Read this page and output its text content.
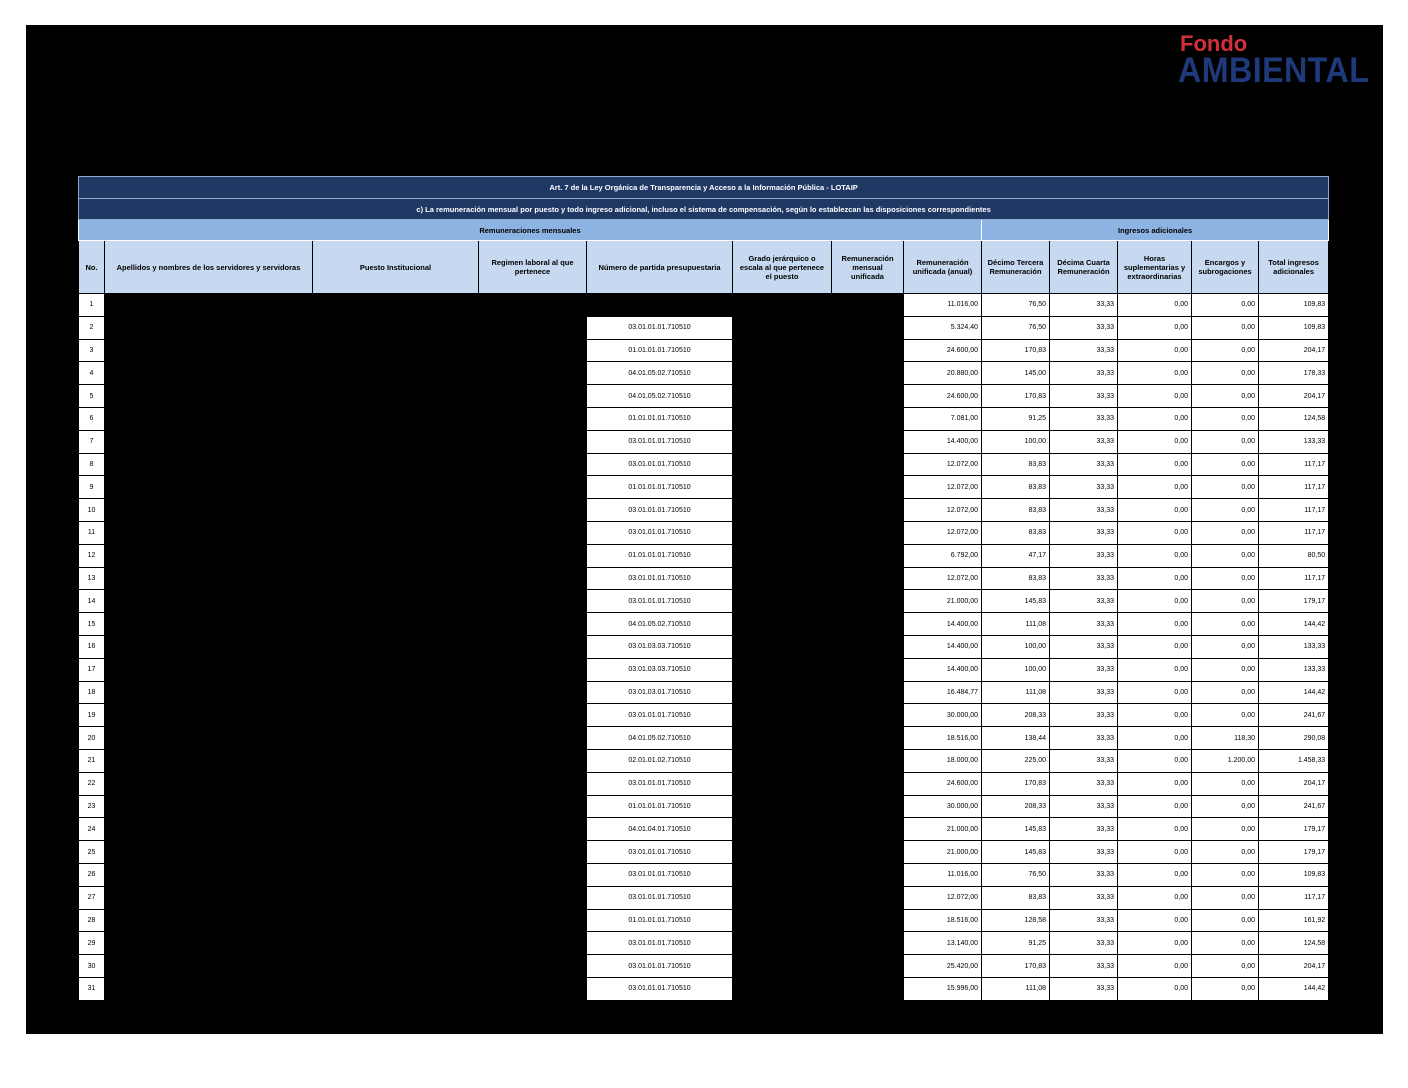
Fondo
AMBIENTAL
Art. 7 de la Ley Orgánica de Transparencia y Acceso a la Información Pública - LOTAIP												
c) La remuneración mensual por puesto y todo ingreso adicional, incluso el sistema de compensación, según lo establezcan las disposiciones correspondientes												
Remuneraciones mensuales								Ingresos adicionales				
No.	Apellidos y nombres de los servidores y servidoras	Puesto Institucional	Regimen laboral al que pertenece	Número de partida presupuestaria	Grado jerárquico o escala al que pertenece el puesto	Remuneración mensual unificada	Remuneración unificada (anual)	Décimo Tercera Remuneración	Décima Cuarta Remuneración	Horas suplementarias y extraordinarias	Encargos y subrogaciones	Total ingresos adicionales
1							11.016,00	76,50	33,33	0,00	0,00	109,83
2				03.01.01.01.710510			5.324,40	76,50	33,33	0,00	0,00	109,83
3				01.01.01.01.710510			24.600,00	170,83	33,33	0,00	0,00	204,17
4				04.01.05.02.710510			20.880,00	145,00	33,33	0,00	0,00	178,33
5				04.01.05.02.710510			24.600,00	170,83	33,33	0,00	0,00	204,17
6				01.01.01.01.710510			7.081,00	91,25	33,33	0,00	0,00	124,58
7				03.01.01.01.710510			14.400,00	100,00	33,33	0,00	0,00	133,33
8				03.01.01.01.710510			12.072,00	83,83	33,33	0,00	0,00	117,17
9				01.01.01.01.710510			12.072,00	83,83	33,33	0,00	0,00	117,17
10				03.01.01.01.710510			12.072,00	83,83	33,33	0,00	0,00	117,17
11				03.01.01.01.710510			12.072,00	83,83	33,33	0,00	0,00	117,17
12				01.01.01.01.710510			6.792,00	47,17	33,33	0,00	0,00	80,50
13				03.01.01.01.710510			12.072,00	83,83	33,33	0,00	0,00	117,17
14				03.01.01.01.710510			21.000,00	145,83	33,33	0,00	0,00	179,17
15				04.01.05.02.710510			14.400,00	111,08	33,33	0,00	0,00	144,42
16				03.01.03.03.710510			14.400,00	100,00	33,33	0,00	0,00	133,33
17				03.01.03.03.710510			14.400,00	100,00	33,33	0,00	0,00	133,33
18				03.01.03.01.710510			16.484,77	111,08	33,33	0,00	0,00	144,42
19				03.01.01.01.710510			30.000,00	208,33	33,33	0,00	0,00	241,67
20				04.01.05.02.710510			18.516,00	138,44	33,33	0,00	118,30	290,08
21				02.01.01.02.710510			18.000,00	225,00	33,33	0,00	1.200,00	1.458,33
22				03.01.01.01.710510			24.600,00	170,83	33,33	0,00	0,00	204,17
23				01.01.01.01.710510			30.000,00	208,33	33,33	0,00	0,00	241,67
24				04.01.04.01.710510			21.000,00	145,83	33,33	0,00	0,00	179,17
25				03.01.01.01.710510			21.000,00	145,83	33,33	0,00	0,00	179,17
26				03.01.01.01.710510			11.016,00	76,50	33,33	0,00	0,00	109,83
27				03.01.01.01.710510			12.072,00	83,83	33,33	0,00	0,00	117,17
28				01.01.01.01.710510			18.516,00	128,58	33,33	0,00	0,00	161,92
29				03.01.01.01.710510			13.140,00	91,25	33,33	0,00	0,00	124,58
30				03.01.01.01.710510			25.420,00	170,83	33,33	0,00	0,00	204,17
31				03.01.01.01.710510			15.996,00	111,08	33,33	0,00	0,00	144,42
